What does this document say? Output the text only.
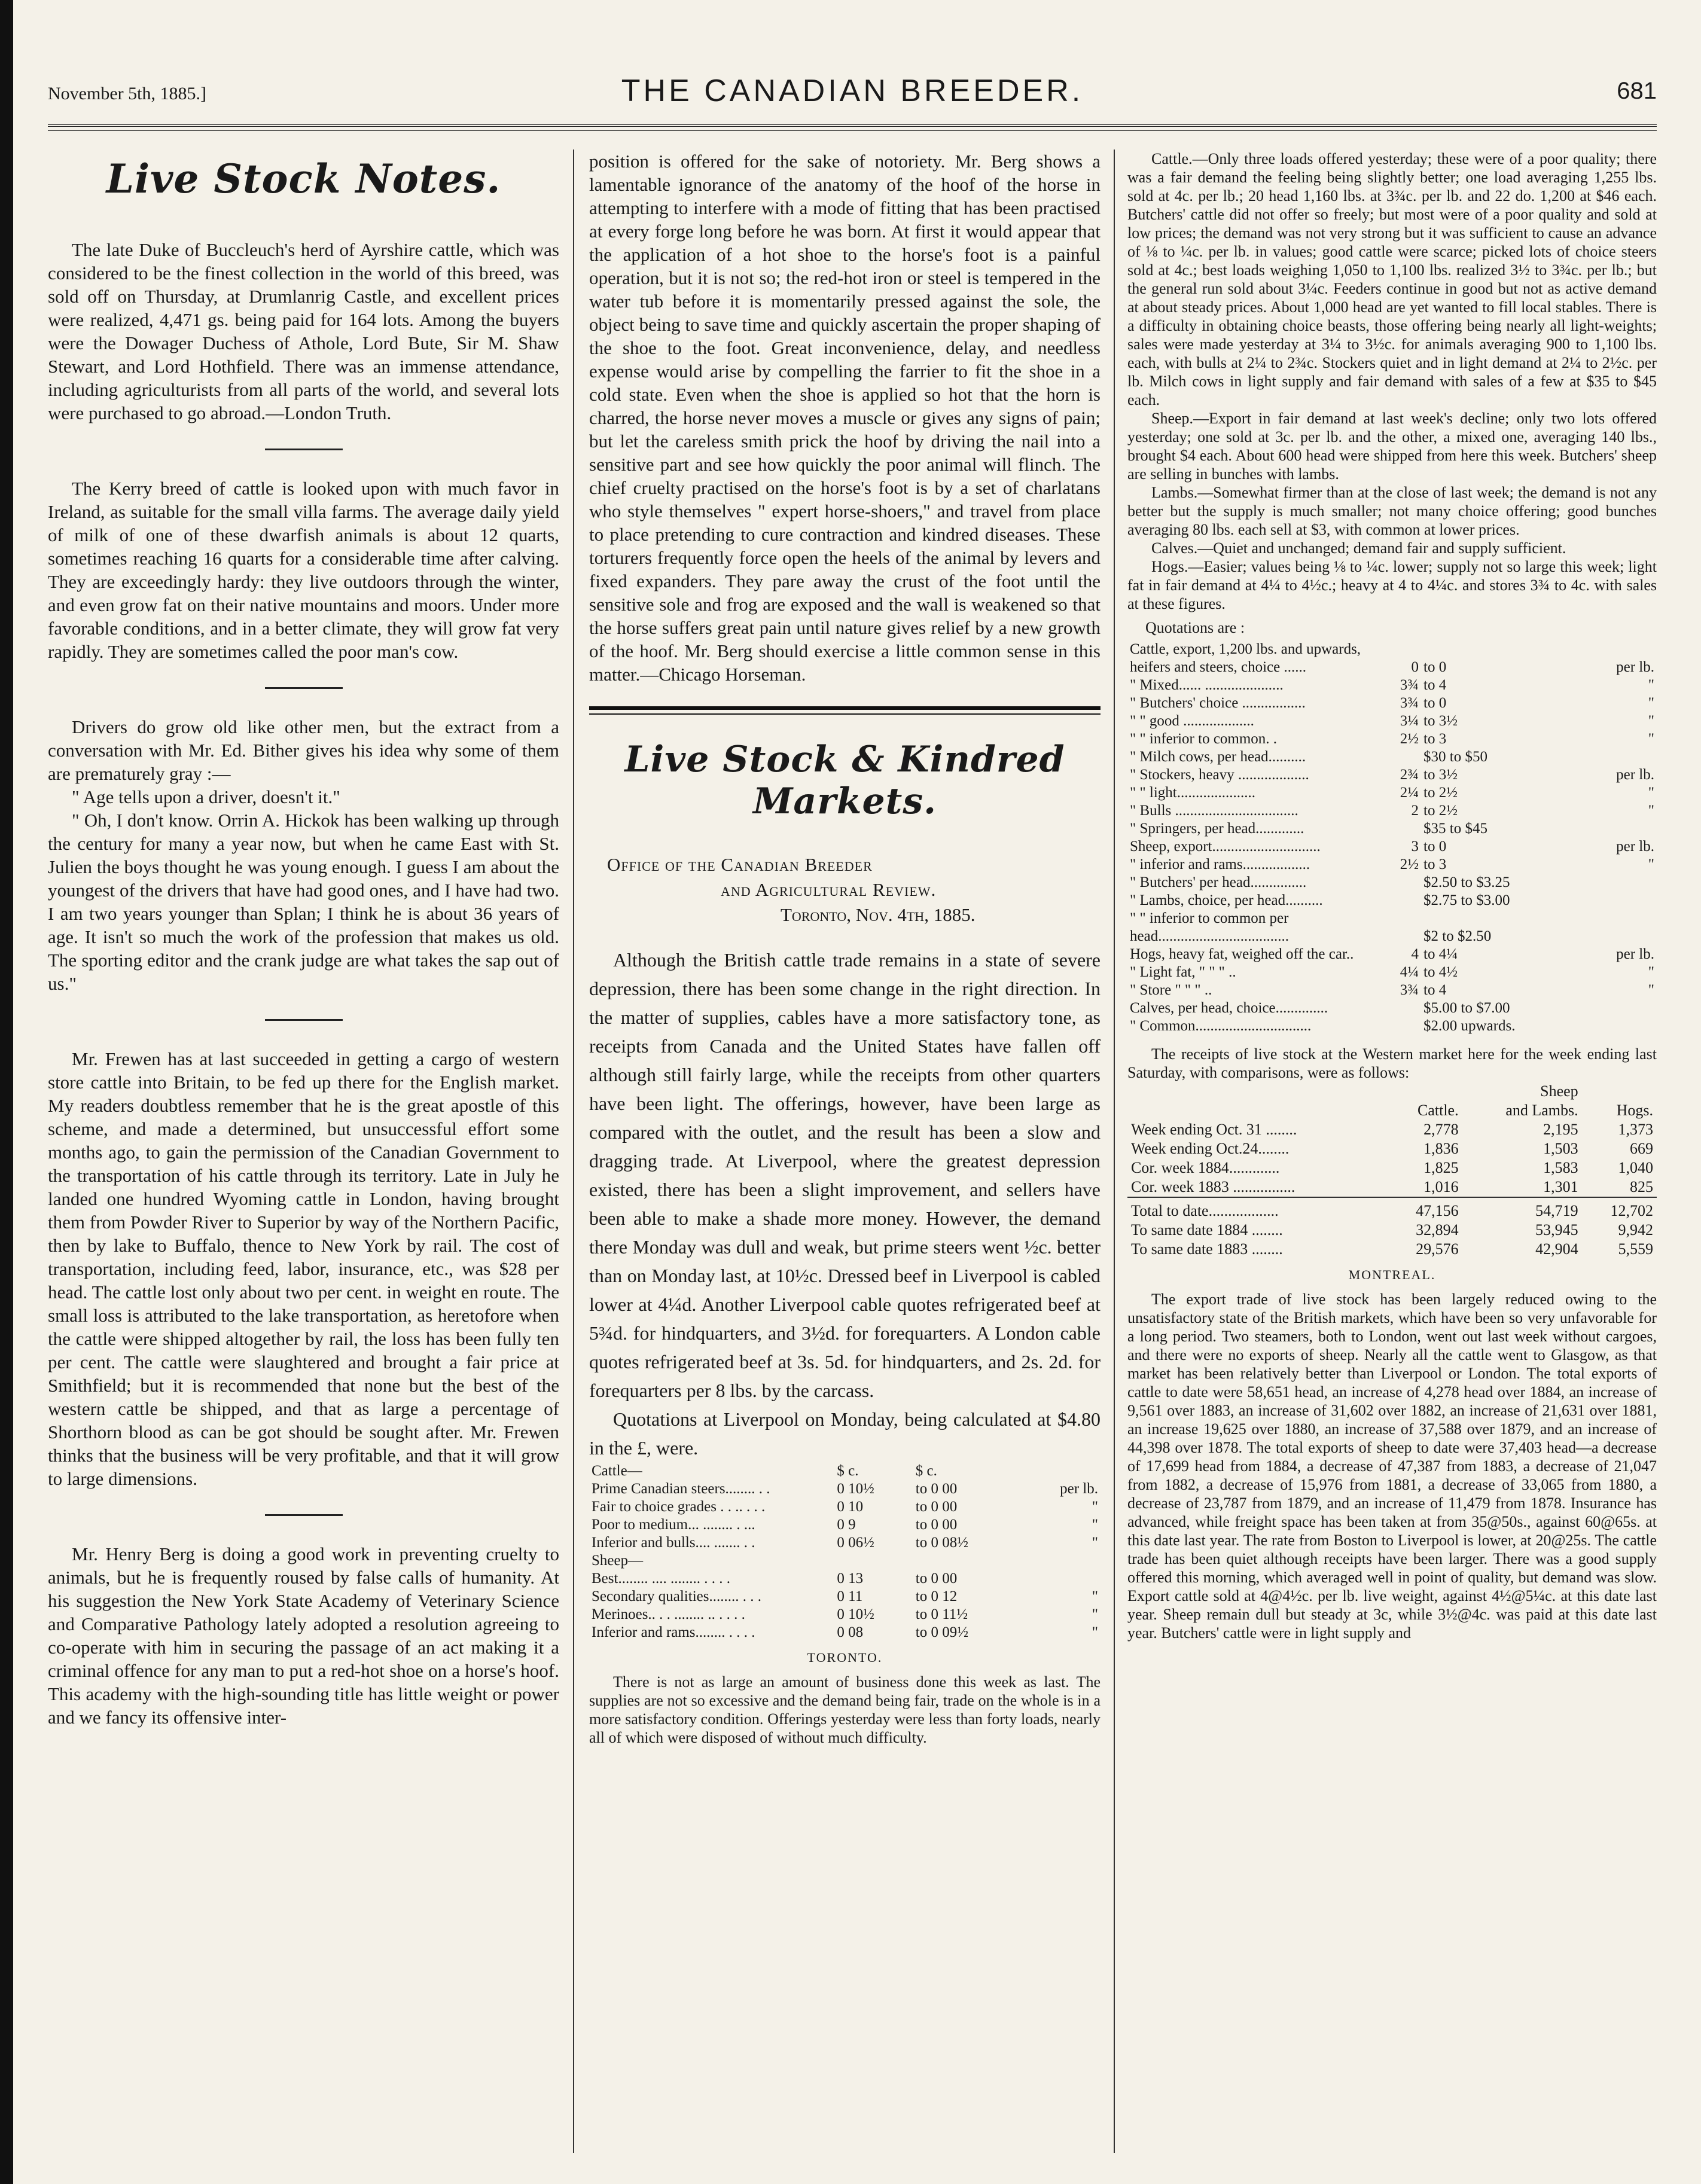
November 5th, 1885.]	THE CANADIAN BREEDER.	681
Live Stock Notes.

The late Duke of Buccleuch's herd of Ayrshire cattle, which was considered to be the finest collection in the world of this breed, was sold off on Thursday, at Drumlanrig Castle, and excellent prices were realized, 4,471 gs. being paid for 164 lots. Among the buyers were the Dowager Duchess of Athole, Lord Bute, Sir M. Shaw Stewart, and Lord Hothfield. There was an immense attendance, including agriculturists from all parts of the world, and several lots were purchased to go abroad.—London Truth.

The Kerry breed of cattle is looked upon with much favor in Ireland, as suitable for the small villa farms. The average daily yield of milk of one of these dwarfish animals is about 12 quarts, sometimes reaching 16 quarts for a considerable time after calving. They are exceedingly hardy: they live outdoors through the winter, and even grow fat on their native mountains and moors. Under more favorable conditions, and in a better climate, they will grow fat very rapidly. They are sometimes called the poor man's cow.

Drivers do grow old like other men, but the extract from a conversation with Mr. Ed. Bither gives his idea why some of them are prematurely gray :—

" Age tells upon a driver, doesn't it."

" Oh, I don't know. Orrin A. Hickok has been walking up through the century for many a year now, but when he came East with St. Julien the boys thought he was young enough. I guess I am about the youngest of the drivers that have had good ones, and I have had two. I am two years younger than Splan; I think he is about 36 years of age. It isn't so much the work of the profession that makes us old. The sporting editor and the crank judge are what takes the sap out of us."

Mr. Frewen has at last succeeded in getting a cargo of western store cattle into Britain, to be fed up there for the English market. My readers doubtless remember that he is the great apostle of this scheme, and made a determined, but unsuccessful effort some months ago, to gain the permission of the Canadian Government to the transportation of his cattle through its territory. Late in July he landed one hundred Wyoming cattle in London, having brought them from Powder River to Superior by way of the Northern Pacific, then by lake to Buffalo, thence to New York by rail. The cost of transportation, including feed, labor, insurance, etc., was $28 per head. The cattle lost only about two per cent. in weight en route. The small loss is attributed to the lake transportation, as heretofore when the cattle were shipped altogether by rail, the loss has been fully ten per cent. The cattle were slaughtered and brought a fair price at Smithfield; but it is recommended that none but the best of the western cattle be shipped, and that as large a percentage of Shorthorn blood as can be got should be sought after. Mr. Frewen thinks that the business will be very profitable, and that it will grow to large dimensions.

Mr. Henry Berg is doing a good work in preventing cruelty to animals, but he is frequently roused by false calls of humanity. At his suggestion the New York State Academy of Veterinary Science and Comparative Pathology lately adopted a resolution agreeing to co-operate with him in securing the passage of an act making it a criminal offence for any man to put a red-hot shoe on a horse's hoof. This academy with the high-sounding title has little weight or power and we fancy its offensive inter-

position is offered for the sake of notoriety. Mr. Berg shows a lamentable ignorance of the anatomy of the hoof of the horse in attempting to interfere with a mode of fitting that has been practised at every forge long before he was born. At first it would appear that the application of a hot shoe to the horse's foot is a painful operation, but it is not so; the red-hot iron or steel is tempered in the water tub before it is momentarily pressed against the sole, the object being to save time and quickly ascertain the proper shaping of the shoe to the foot. Great inconvenience, delay, and needless expense would arise by compelling the farrier to fit the shoe in a cold state. Even when the shoe is applied so hot that the horn is charred, the horse never moves a muscle or gives any signs of pain; but let the careless smith prick the hoof by driving the nail into a sensitive part and see how quickly the poor animal will flinch. The chief cruelty practised on the horse's foot is by a set of charlatans who style themselves " expert horse-shoers," and travel from place to place pretending to cure contraction and kindred diseases. These torturers frequently force open the heels of the animal by levers and fixed expanders. They pare away the crust of the foot until the sensitive sole and frog are exposed and the wall is weakened so that the horse suffers great pain until nature gives relief by a new growth of the hoof. Mr. Berg should exercise a little common sense in this matter.—Chicago Horseman.

Live Stock & Kindred Markets.
Office of the Canadian Breeder
and Agricultural Review.
Toronto, Nov. 4th, 1885.

Although the British cattle trade remains in a state of severe depression, there has been some change in the right direction. In the matter of supplies, cables have a more satisfactory tone, as receipts from Canada and the United States have fallen off although still fairly large, while the receipts from other quarters have been light. The offerings, however, have been large as compared with the outlet, and the result has been a slow and dragging trade. At Liverpool, where the greatest depression existed, there has been a slight improvement, and sellers have been able to make a shade more money. However, the demand there Monday was dull and weak, but prime steers went ½c. better than on Monday last, at 10½c. Dressed beef in Liverpool is cabled lower at 4¼d. Another Liverpool cable quotes refrigerated beef at 5¾d. for hindquarters, and 3½d. for forequarters. A London cable quotes refrigerated beef at 3s. 5d. for hindquarters, and 2s. 2d. for forequarters per 8 lbs. by the carcass.

Quotations at Liverpool on Monday, being calculated at $4.80 in the £, were.

Cattle—	$ c.	$ c.	
Prime Canadian steers........ . .	0 10½	to 0 00	per lb.
Fair to choice grades . . .. . . .	0 10	to 0 00	"
Poor to medium... ........ . ...	0 9	to 0 00	"
Inferior and bulls.... ....... . .	0 06½	to 0 08½	"
Sheep—			
Best........ .... ........ . . . .	0 13	to 0 00	
Secondary qualities........ . . .	0 11	to 0 12	"
Merinoes.. . . ........ .. . . . .	0 10½	to 0 11½	"
Inferior and rams........ . . . .	0 08	to 0 09½	"
TORONTO.

There is not as large an amount of business done this week as last. The supplies are not so excessive and the demand being fair, trade on the whole is in a more satisfactory condition. Offerings yesterday were less than forty loads, nearly all of which were disposed of without much difficulty.

Cattle.—Only three loads offered yesterday; these were of a poor quality; there was a fair demand the feeling being slightly better; one load averaging 1,255 lbs. sold at 4c. per lb.; 20 head 1,160 lbs. at 3¾c. per lb. and 22 do. 1,200 at $46 each. Butchers' cattle did not offer so freely; but most were of a poor quality and sold at low prices; the demand was not very strong but it was sufficient to cause an advance of ⅛ to ¼c. per lb. in values; good cattle were scarce; picked lots of choice steers sold at 4c.; best loads weighing 1,050 to 1,100 lbs. realized 3½ to 3¾c. per lb.; but the general run sold about 3¼c. Feeders continue in good but not as active demand at about steady prices. About 1,000 head are yet wanted to fill local stables. There is a difficulty in obtaining choice beasts, those offering being nearly all light-weights; sales were made yesterday at 3¼ to 3½c. for animals averaging 900 to 1,100 lbs. each, with bulls at 2¼ to 2¾c. Stockers quiet and in light demand at 2¼ to 2½c. per lb. Milch cows in light supply and fair demand with sales of a few at $35 to $45 each.

Sheep.—Export in fair demand at last week's decline; only two lots offered yesterday; one sold at 3c. per lb. and the other, a mixed one, averaging 140 lbs., brought $4 each. About 600 head were shipped from here this week. Butchers' sheep are selling in bunches with lambs.

Lambs.—Somewhat firmer than at the close of last week; the demand is not any better but the supply is much smaller; not many choice offering; good bunches averaging 80 lbs. each sell at $3, with common at lower prices.

Calves.—Quiet and unchanged; demand fair and supply sufficient.

Hogs.—Easier; values being ⅛ to ¼c. lower; supply not so large this week; light fat in fair demand at 4¼ to 4½c.; heavy at 4 to 4¼c. and stores 3¾ to 4c. with sales at these figures.

Quotations are :
Cattle, export, 1,200 lbs. and upwards,			
heifers and steers, choice ......	0	to 0	per lb.
" Mixed...... .....................	3¾	to 4	"
" Butchers' choice .................	3¾	to 0	"
" " good ...................	3¼	to 3½	"
" " inferior to common. .	2½	to 3	"
" Milch cows, per head..........		$30 to $50	
" Stockers, heavy ...................	2¾	to 3½	per lb.
" " light.....................	2¼	to 2½	"
" Bulls .................................	2	to 2½	"
" Springers, per head.............		$35 to $45	
Sheep, export.............................	3	to 0	per lb.
" inferior and rams..................	2½	to 3	"
" Butchers' per head...............		$2.50 to $3.25	
" Lambs, choice, per head..........		$2.75 to $3.00	
" " inferior to common per			
head...................................		$2 to $2.50	
Hogs, heavy fat, weighed off the car..	4	to 4¼	per lb.
" Light fat, " " " ..	4¼	to 4½	"
" Store " " " ..	3¾	to 4	"
Calves, per head, choice..............		$5.00 to $7.00	
" Common...............................		$2.00 upwards.	

The receipts of live stock at the Western market here for the week ending last Saturday, with comparisons, were as follows:

		Sheep	
	Cattle.	and Lambs.	Hogs.
Week ending Oct. 31 ........	2,778	2,195	1,373
Week ending Oct.24........	1,836	1,503	669
Cor. week 1884.............	1,825	1,583	1,040
Cor. week 1883 ................	1,016	1,301	825
Total to date..................	47,156	54,719	12,702
To same date 1884 ........	32,894	53,945	9,942
To same date 1883 ........	29,576	42,904	5,559
MONTREAL.

The export trade of live stock has been largely reduced owing to the unsatisfactory state of the British markets, which have been so very unfavorable for a long period. Two steamers, both to London, went out last week without cargoes, and there were no exports of sheep. Nearly all the cattle went to Glasgow, as that market has been relatively better than Liverpool or London. The total exports of cattle to date were 58,651 head, an increase of 4,278 head over 1884, an increase of 9,561 over 1883, an increase of 31,602 over 1882, an increase of 21,631 over 1881, an increase 19,625 over 1880, an increase of 37,588 over 1879, and an increase of 44,398 over 1878. The total exports of sheep to date were 37,403 head—a decrease of 17,699 head from 1884, a decrease of 47,387 from 1883, a decrease of 21,047 from 1882, a decrease of 15,976 from 1881, a decrease of 33,065 from 1880, a decrease of 23,787 from 1879, and an increase of 11,479 from 1878. Insurance has advanced, while freight space has been taken at from 35@50s., against 60@65s. at this date last year. The rate from Boston to Liverpool is lower, at 20@25s. The cattle trade has been quiet although receipts have been larger. There was a good supply offered this morning, which averaged well in point of quality, but demand was slow. Export cattle sold at 4@4½c. per lb. live weight, against 4½@5¼c. at this date last year. Sheep remain dull but steady at 3c, while 3½@4c. was paid at this date last year. Butchers' cattle were in light supply and
